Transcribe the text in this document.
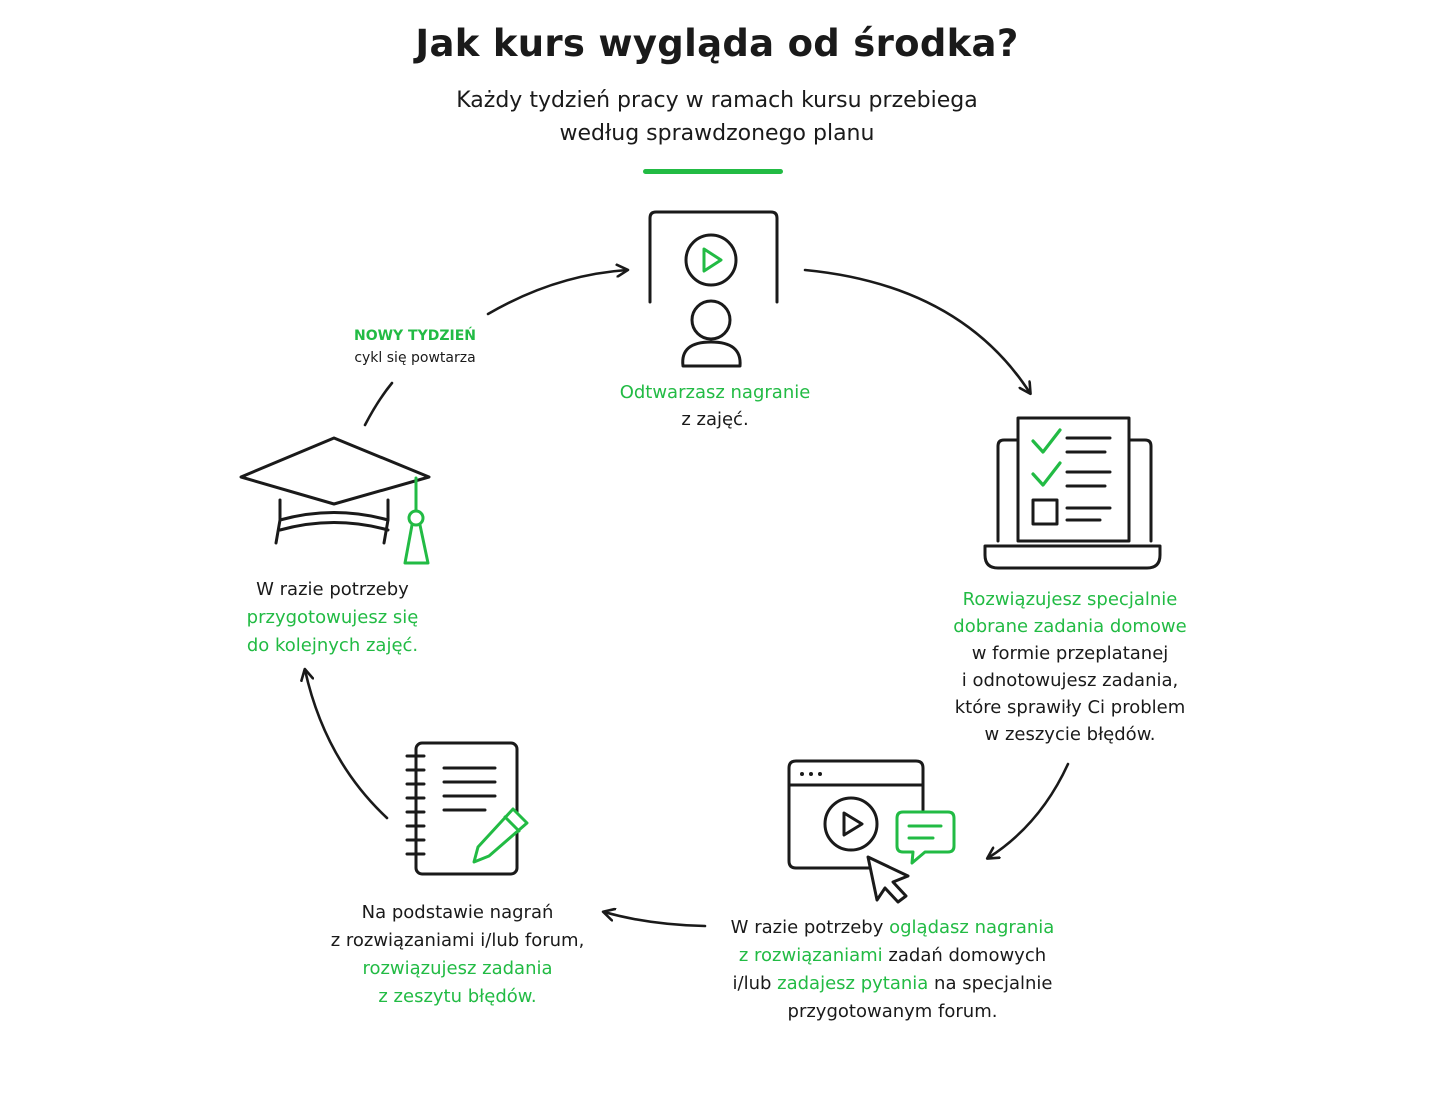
Jak kurs wygląda od środka?
Każdy tydzień pracy w ramach kursu przebiega
według sprawdzonego planu
NOWY TYDZIEŃ
cykl się powtarza
Odtwarzasz nagranie
z zajęć.
Rozwiązujesz specjalnie
dobrane zadania domowe
w formie przeplatanej
i odnotowujesz zadania,
które sprawiły Ci problem
w zeszycie błędów.
W razie potrzeby oglądasz nagrania
z rozwiązaniami zadań domowych
i/lub zadajesz pytania na specjalnie
przygotowanym forum.
Na podstawie nagrań
z rozwiązaniami i/lub forum,
rozwiązujesz zadania
z zeszytu błędów.
W razie potrzeby
przygotowujesz się
do kolejnych zajęć.
